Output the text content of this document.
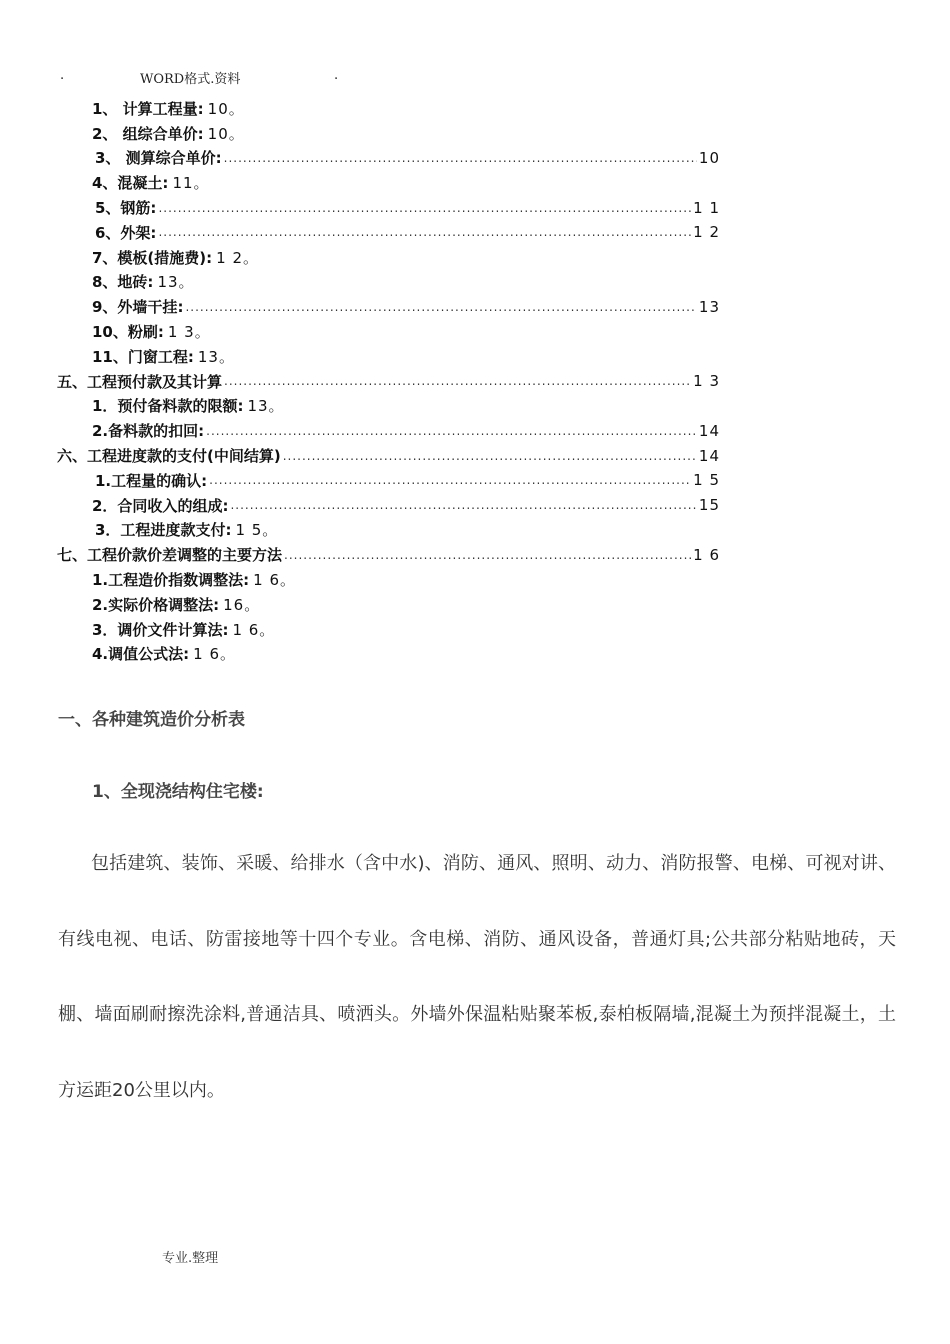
.	WORD格式.资料	.
1、 计算工程量: 10。
2、 组综合单价: 10。
3、 测算综合单价: .....	10
4、混凝土: 11。
5、钢筋: .....	1 1
6、外架: .....	1 2
7、模板(措施费): 1 2。
8、地砖: 13。
9、外墙干挂: .....	13
10、粉刷: 1 3。
11、门窗工程: 13。
五、工程预付款及其计算 .....	1 3
1．预付备料款的限额: 13。
2.备料款的扣回: .....	14
六、工程进度款的支付(中间结算) .....	14
1.工程量的确认: .....	1 5
2．合同收入的组成: .....	15
3．工程进度款支付: 1 5。
七、工程价款价差调整的主要方法 .....	1 6
1.工程造价指数调整法: 1 6。
2.实际价格调整法: 16。
3．调价文件计算法: 1 6。
4.调值公式法: 1 6。
一、各种建筑造价分析表
1、全现浇结构住宅楼:
包括建筑、装饰、采暖、给排水（含中水)、消防、通风、照明、动力、消防报警、电梯、可视对讲、有线电视、电话、防雷接地等十四个专业。含电梯、消防、通风设备，普通灯具;公共部分粘贴地砖，天棚、墙面刷耐擦洗涂料,普通洁具、喷洒头。外墙外保温粘贴聚苯板,泰柏板隔墙,混凝土为预拌混凝土，土方运距20公里以内。
专业.整理
